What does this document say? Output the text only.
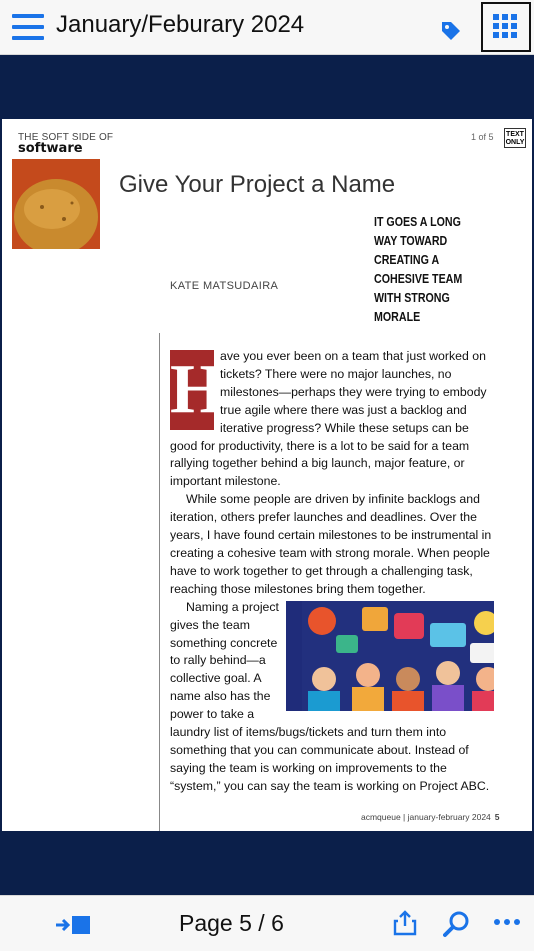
January/Feburary 2024
THE SOFT SIDE OF
software
1 of 5 TEXT
ONLY
Give Your Project a Name
IT GOES A LONG
WAY TOWARD
CREATING A
COHESIVE TEAM
WITH STRONG
MORALE
KATE MATSUDAIRA

H
ave you ever been on a team that just worked on tickets? There were no major launches, no milestones—perhaps they were trying to embody true agile where there was just a backlog and iterative progress? While these setups can be good for productivity, there is a lot to be said for a team rallying together behind a big launch, major feature, or important milestone.

While some people are driven by infinite backlogs and iteration, others prefer launches and deadlines. Over the years, I have found certain milestones to be instrumental in creating a cohesive team with strong morale. When people have to work together to get through a challenging task, reaching those milestones bring them together.

Naming a project gives the team something concrete to rally behind—a collective goal. A name also has the power to take a laundry list of items/bugs/tickets and turn them into something that you can communicate about. Instead of saying the team is working on improvements to the “system,” you can say the team is working on Project ABC.

acmqueue | january-february 2024 5
Page 5 / 6
